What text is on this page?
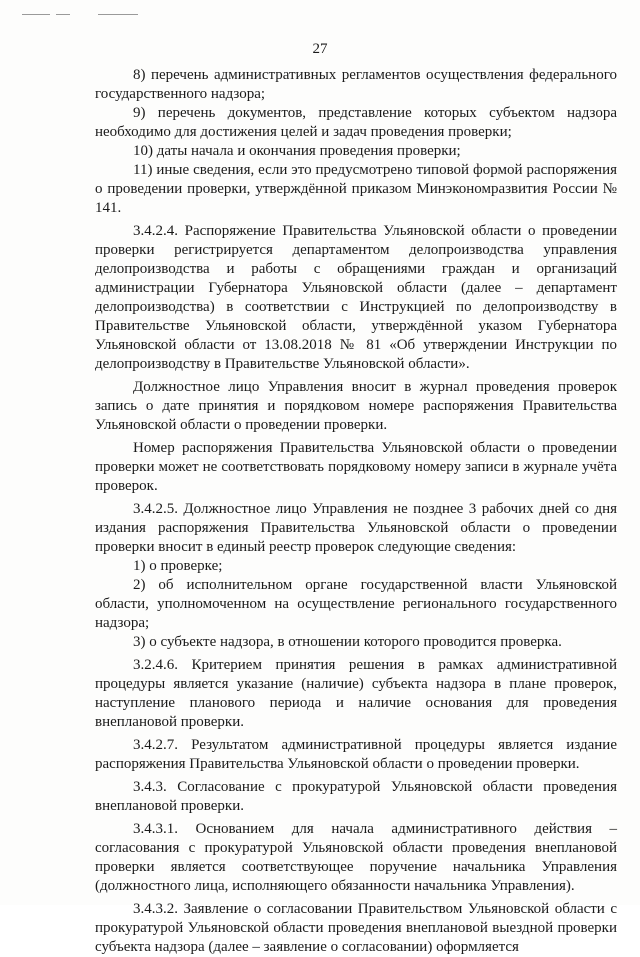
27

8) перечень административных регламентов осуществления федерального государственного надзора;

9) перечень документов, представление которых субъектом надзора необходимо для достижения целей и задач проведения проверки;

10) даты начала и окончания проведения проверки;

11) иные сведения, если это предусмотрено типовой формой распоряжения о проведении проверки, утверждённой приказом Минэкономразвития России № 141.

3.4.2.4. Распоряжение Правительства Ульяновской области о проведении проверки регистрируется департаментом делопроизводства управления делопроизводства и работы с обращениями граждан и организаций администрации Губернатора Ульяновской области (далее – департамент делопроизводства) в соответствии с Инструкцией по делопроизводству в Правительстве Ульяновской области, утверждённой указом Губернатора Ульяновской области от 13.08.2018 № 81 «Об утверждении Инструкции по делопроизводству в Правительстве Ульяновской области».

Должностное лицо Управления вносит в журнал проведения проверок запись о дате принятия и порядковом номере распоряжения Правительства Ульяновской области о проведении проверки.

Номер распоряжения Правительства Ульяновской области о проведении проверки может не соответствовать порядковому номеру записи в журнале учёта проверок.

3.4.2.5. Должностное лицо Управления не позднее 3 рабочих дней со дня издания распоряжения Правительства Ульяновской области о проведении проверки вносит в единый реестр проверок следующие сведения:

1) о проверке;

2) об исполнительном органе государственной власти Ульяновской области, уполномоченном на осуществление регионального государственного надзора;

3) о субъекте надзора, в отношении которого проводится проверка.

3.2.4.6. Критерием принятия решения в рамках административной процедуры является указание (наличие) субъекта надзора в плане проверок, наступление планового периода и наличие основания для проведения внеплановой проверки.

3.4.2.7. Результатом административной процедуры является издание распоряжения Правительства Ульяновской области о проведении проверки.

3.4.3. Согласование с прокуратурой Ульяновской области проведения внеплановой проверки.

3.4.3.1. Основанием для начала административного действия – согласования с прокуратурой Ульяновской области проведения внеплановой проверки является соответствующее поручение начальника Управления (должностного лица, исполняющего обязанности начальника Управления).

3.4.3.2. Заявление о согласовании Правительством Ульяновской области с прокуратурой Ульяновской области проведения внеплановой выездной проверки субъекта надзора (далее – заявление о согласовании) оформляется
